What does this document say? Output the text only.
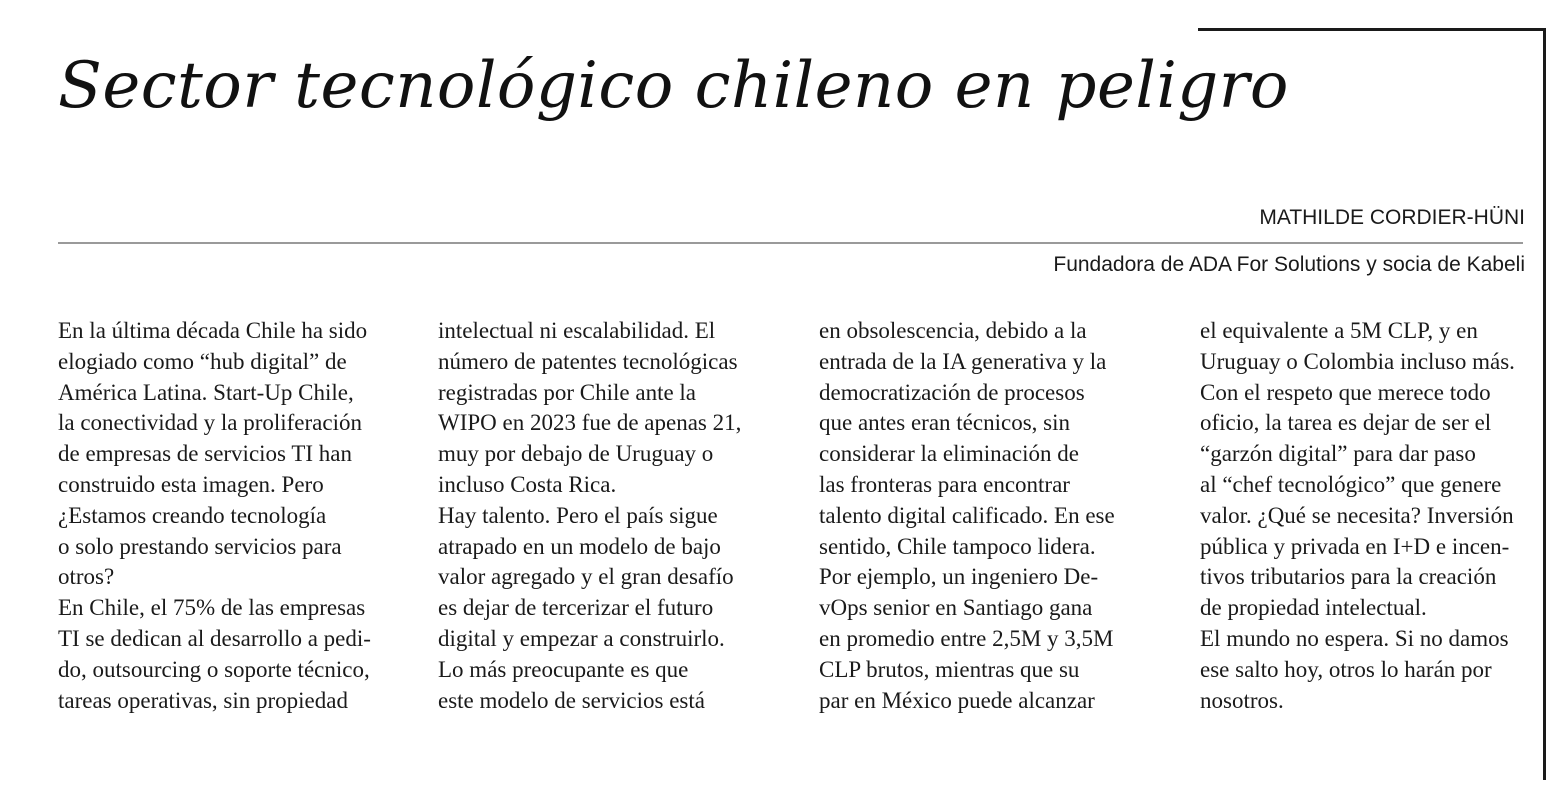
Sector tecnológico chileno en peligro
MATHILDE CORDIER-HÜNI
Fundadora de ADA For Solutions y socia de Kabeli
En la última década Chile ha sido
elogiado como “hub digital” de
América Latina. Start-Up Chile,
la conectividad y la proliferación
de empresas de servicios TI han
construido esta imagen. Pero
¿Estamos creando tecnología
o solo prestando servicios para
otros?
En Chile, el 75% de las empresas
TI se dedican al desarrollo a pedi-
do, outsourcing o soporte técnico,
tareas operativas, sin propiedad
intelectual ni escalabilidad. El
número de patentes tecnológicas
registradas por Chile ante la
WIPO en 2023 fue de apenas 21,
muy por debajo de Uruguay o
incluso Costa Rica.
Hay talento. Pero el país sigue
atrapado en un modelo de bajo
valor agregado y el gran desafío
es dejar de tercerizar el futuro
digital y empezar a construirlo.
Lo más preocupante es que
este modelo de servicios está
en obsolescencia, debido a la
entrada de la IA generativa y la
democratización de procesos
que antes eran técnicos, sin
considerar la eliminación de
las fronteras para encontrar
talento digital calificado. En ese
sentido, Chile tampoco lidera.
Por ejemplo, un ingeniero De-
vOps senior en Santiago gana
en promedio entre 2,5M y 3,5M
CLP brutos, mientras que su
par en México puede alcanzar
el equivalente a 5M CLP, y en
Uruguay o Colombia incluso más.
Con el respeto que merece todo
oficio, la tarea es dejar de ser el
“garzón digital” para dar paso
al “chef tecnológico” que genere
valor. ¿Qué se necesita? Inversión
pública y privada en I+D e incen-
tivos tributarios para la creación
de propiedad intelectual.
El mundo no espera. Si no damos
ese salto hoy, otros lo harán por
nosotros.
